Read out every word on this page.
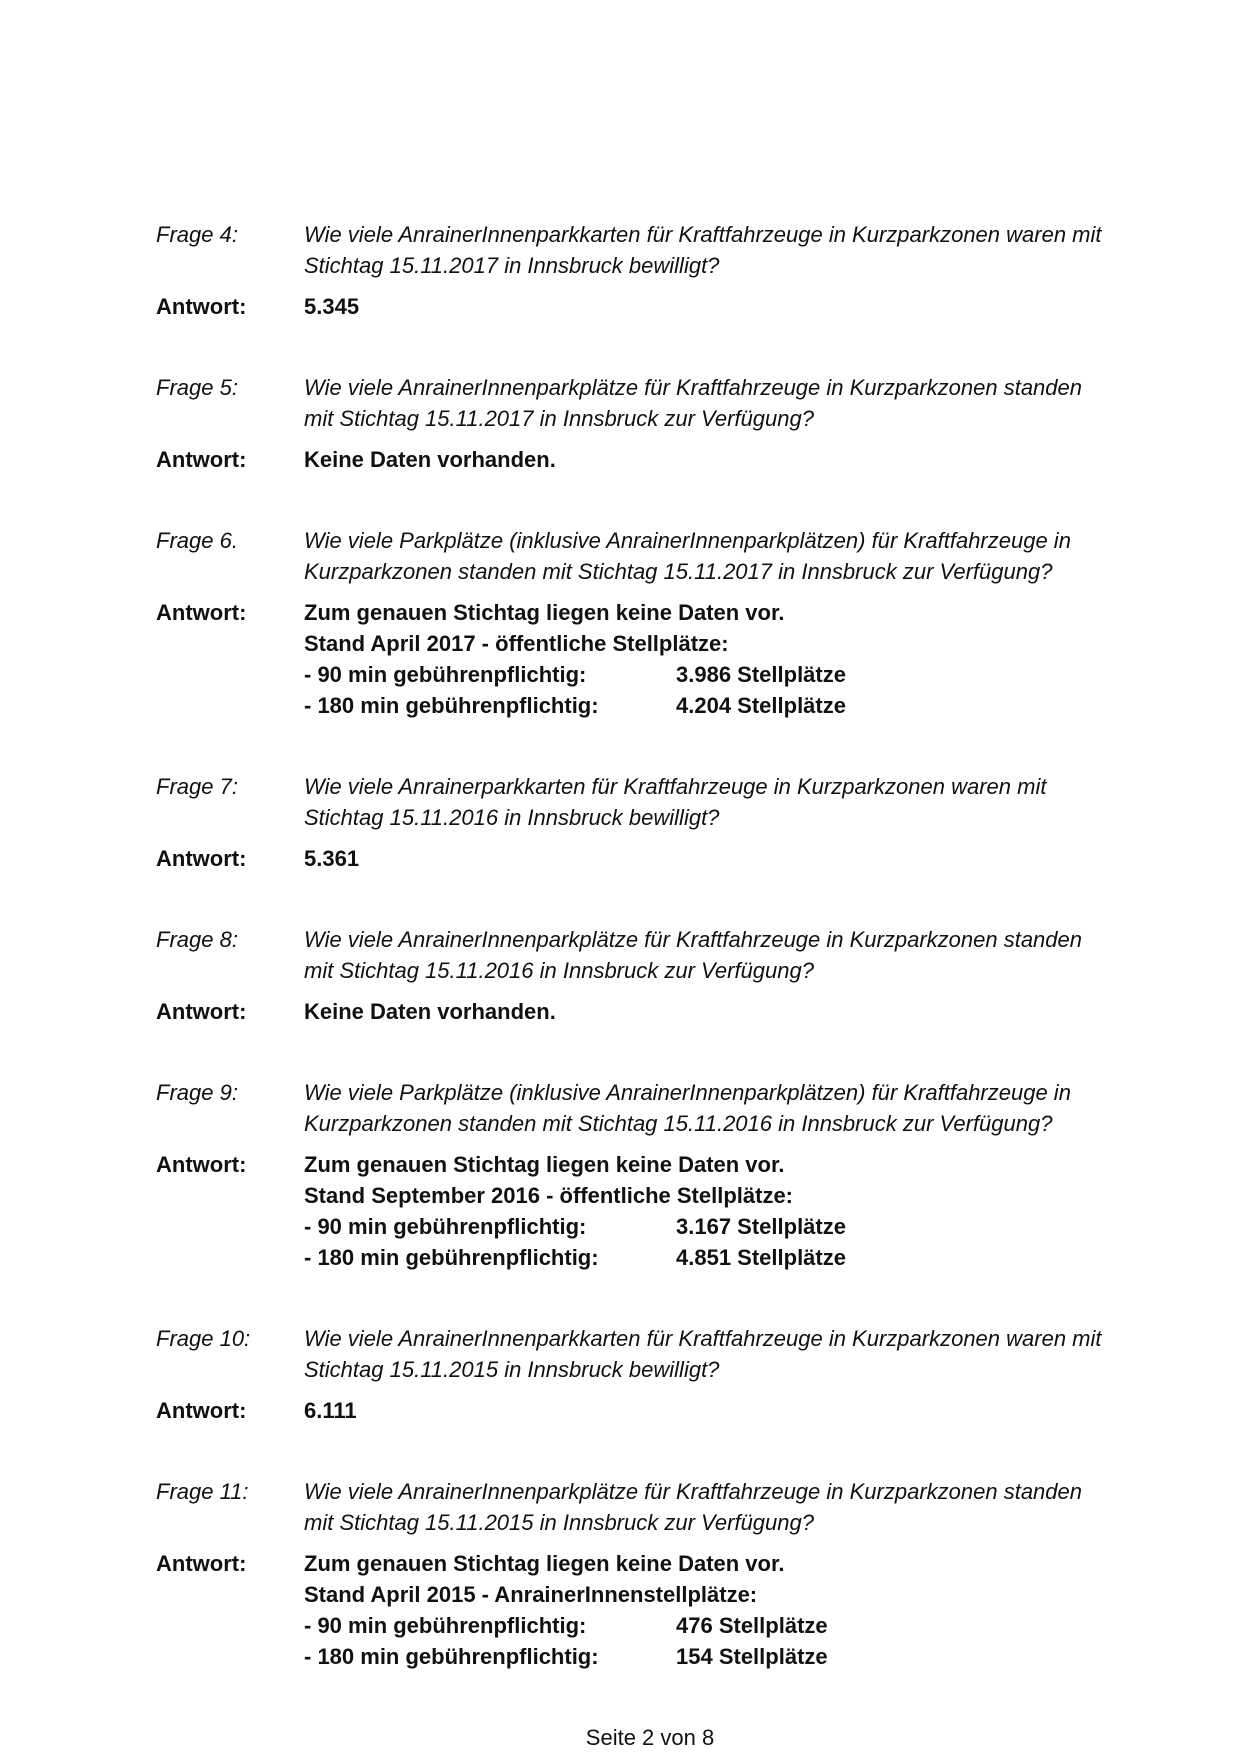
Frage 4:	Wie viele AnrainerInnenparkkarten für Kraftfahrzeuge in Kurzparkzonen waren mit
Stichtag 15.11.2017 in Innsbruck bewilligt?
Antwort:	5.345
Frage 5:	Wie viele AnrainerInnenparkplätze für Kraftfahrzeuge in Kurzparkzonen standen
mit Stichtag 15.11.2017 in Innsbruck zur Verfügung?
Antwort:	Keine Daten vorhanden.
Frage 6.	Wie viele Parkplätze (inklusive AnrainerInnenparkplätzen) für Kraftfahrzeuge in
Kurzparkzonen standen mit Stichtag 15.11.2017 in Innsbruck zur Verfügung?
Antwort:	Zum genauen Stichtag liegen keine Daten vor.
Stand April 2017 - öffentliche Stellplätze:
- 90 min gebührenpflichtig:	3.986 Stellplätze
- 180 min gebührenpflichtig:	4.204 Stellplätze
Frage 7:	Wie viele Anrainerparkkarten für Kraftfahrzeuge in Kurzparkzonen waren mit
Stichtag 15.11.2016 in Innsbruck bewilligt?
Antwort:	5.361
Frage 8:	Wie viele AnrainerInnenparkplätze für Kraftfahrzeuge in Kurzparkzonen standen
mit Stichtag 15.11.2016 in Innsbruck zur Verfügung?
Antwort:	Keine Daten vorhanden.
Frage 9:	Wie viele Parkplätze (inklusive AnrainerInnenparkplätzen) für Kraftfahrzeuge in
Kurzparkzonen standen mit Stichtag 15.11.2016 in Innsbruck zur Verfügung?
Antwort:	Zum genauen Stichtag liegen keine Daten vor.
Stand September 2016 - öffentliche Stellplätze:
- 90 min gebührenpflichtig:	3.167 Stellplätze
- 180 min gebührenpflichtig:	4.851 Stellplätze
Frage 10:	Wie viele AnrainerInnenparkkarten für Kraftfahrzeuge in Kurzparkzonen waren mit
Stichtag 15.11.2015 in Innsbruck bewilligt?
Antwort:	6.111
Frage 11:	Wie viele AnrainerInnenparkplätze für Kraftfahrzeuge in Kurzparkzonen standen
mit Stichtag 15.11.2015 in Innsbruck zur Verfügung?
Antwort:	Zum genauen Stichtag liegen keine Daten vor.
Stand April 2015 - AnrainerInnenstellplätze:
- 90 min gebührenpflichtig:	476 Stellplätze
- 180 min gebührenpflichtig:	154 Stellplätze
Seite 2 von 8
